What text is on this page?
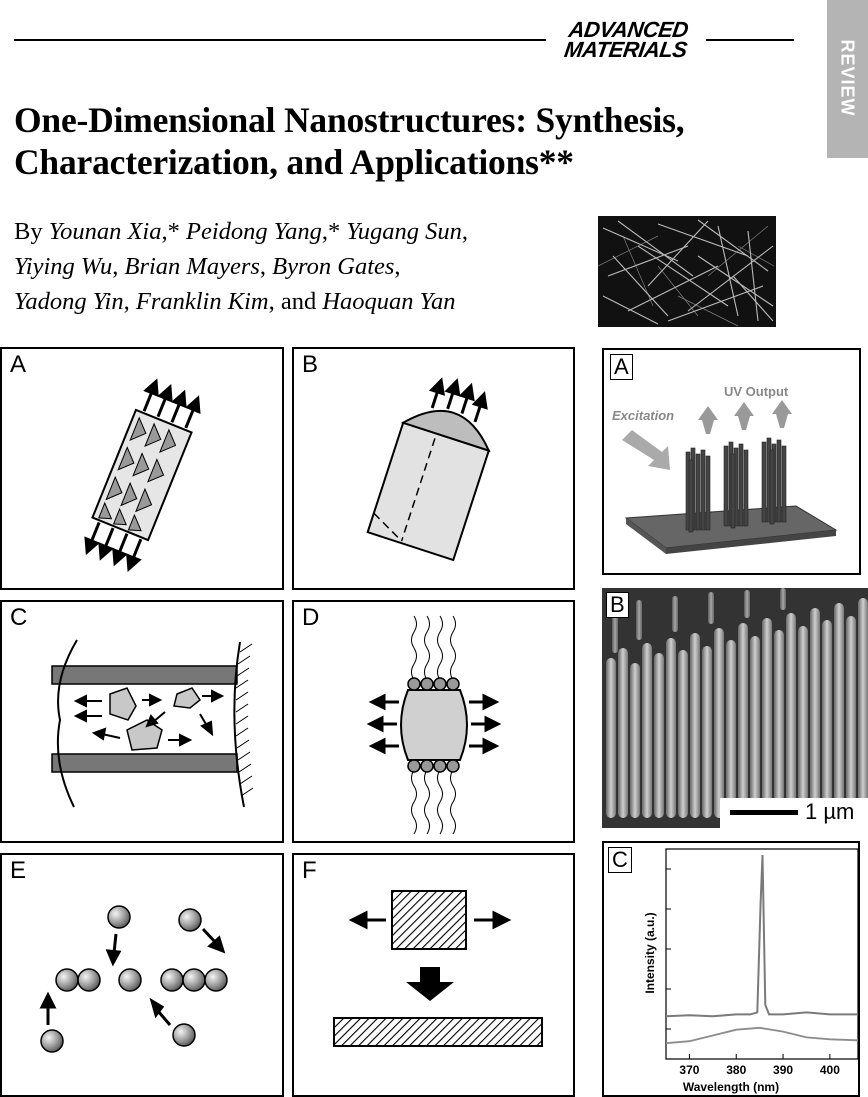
ADVANCED
MATERIALS	REVIEW
One-Dimensional Nanostructures: Synthesis,
Characterization, and Applications**
By Younan Xia,* Peidong Yang,* Yugang Sun,
Yiying Wu, Brian Mayers, Byron Gates,
Yadong Yin, Franklin Kim, and Haoquan Yan
A	B
C	D
E	F
Excitation
UV Output
A
1 µm
B
370 380 390 400
Wavelength (nm)
Intensity (a.u.)
C
